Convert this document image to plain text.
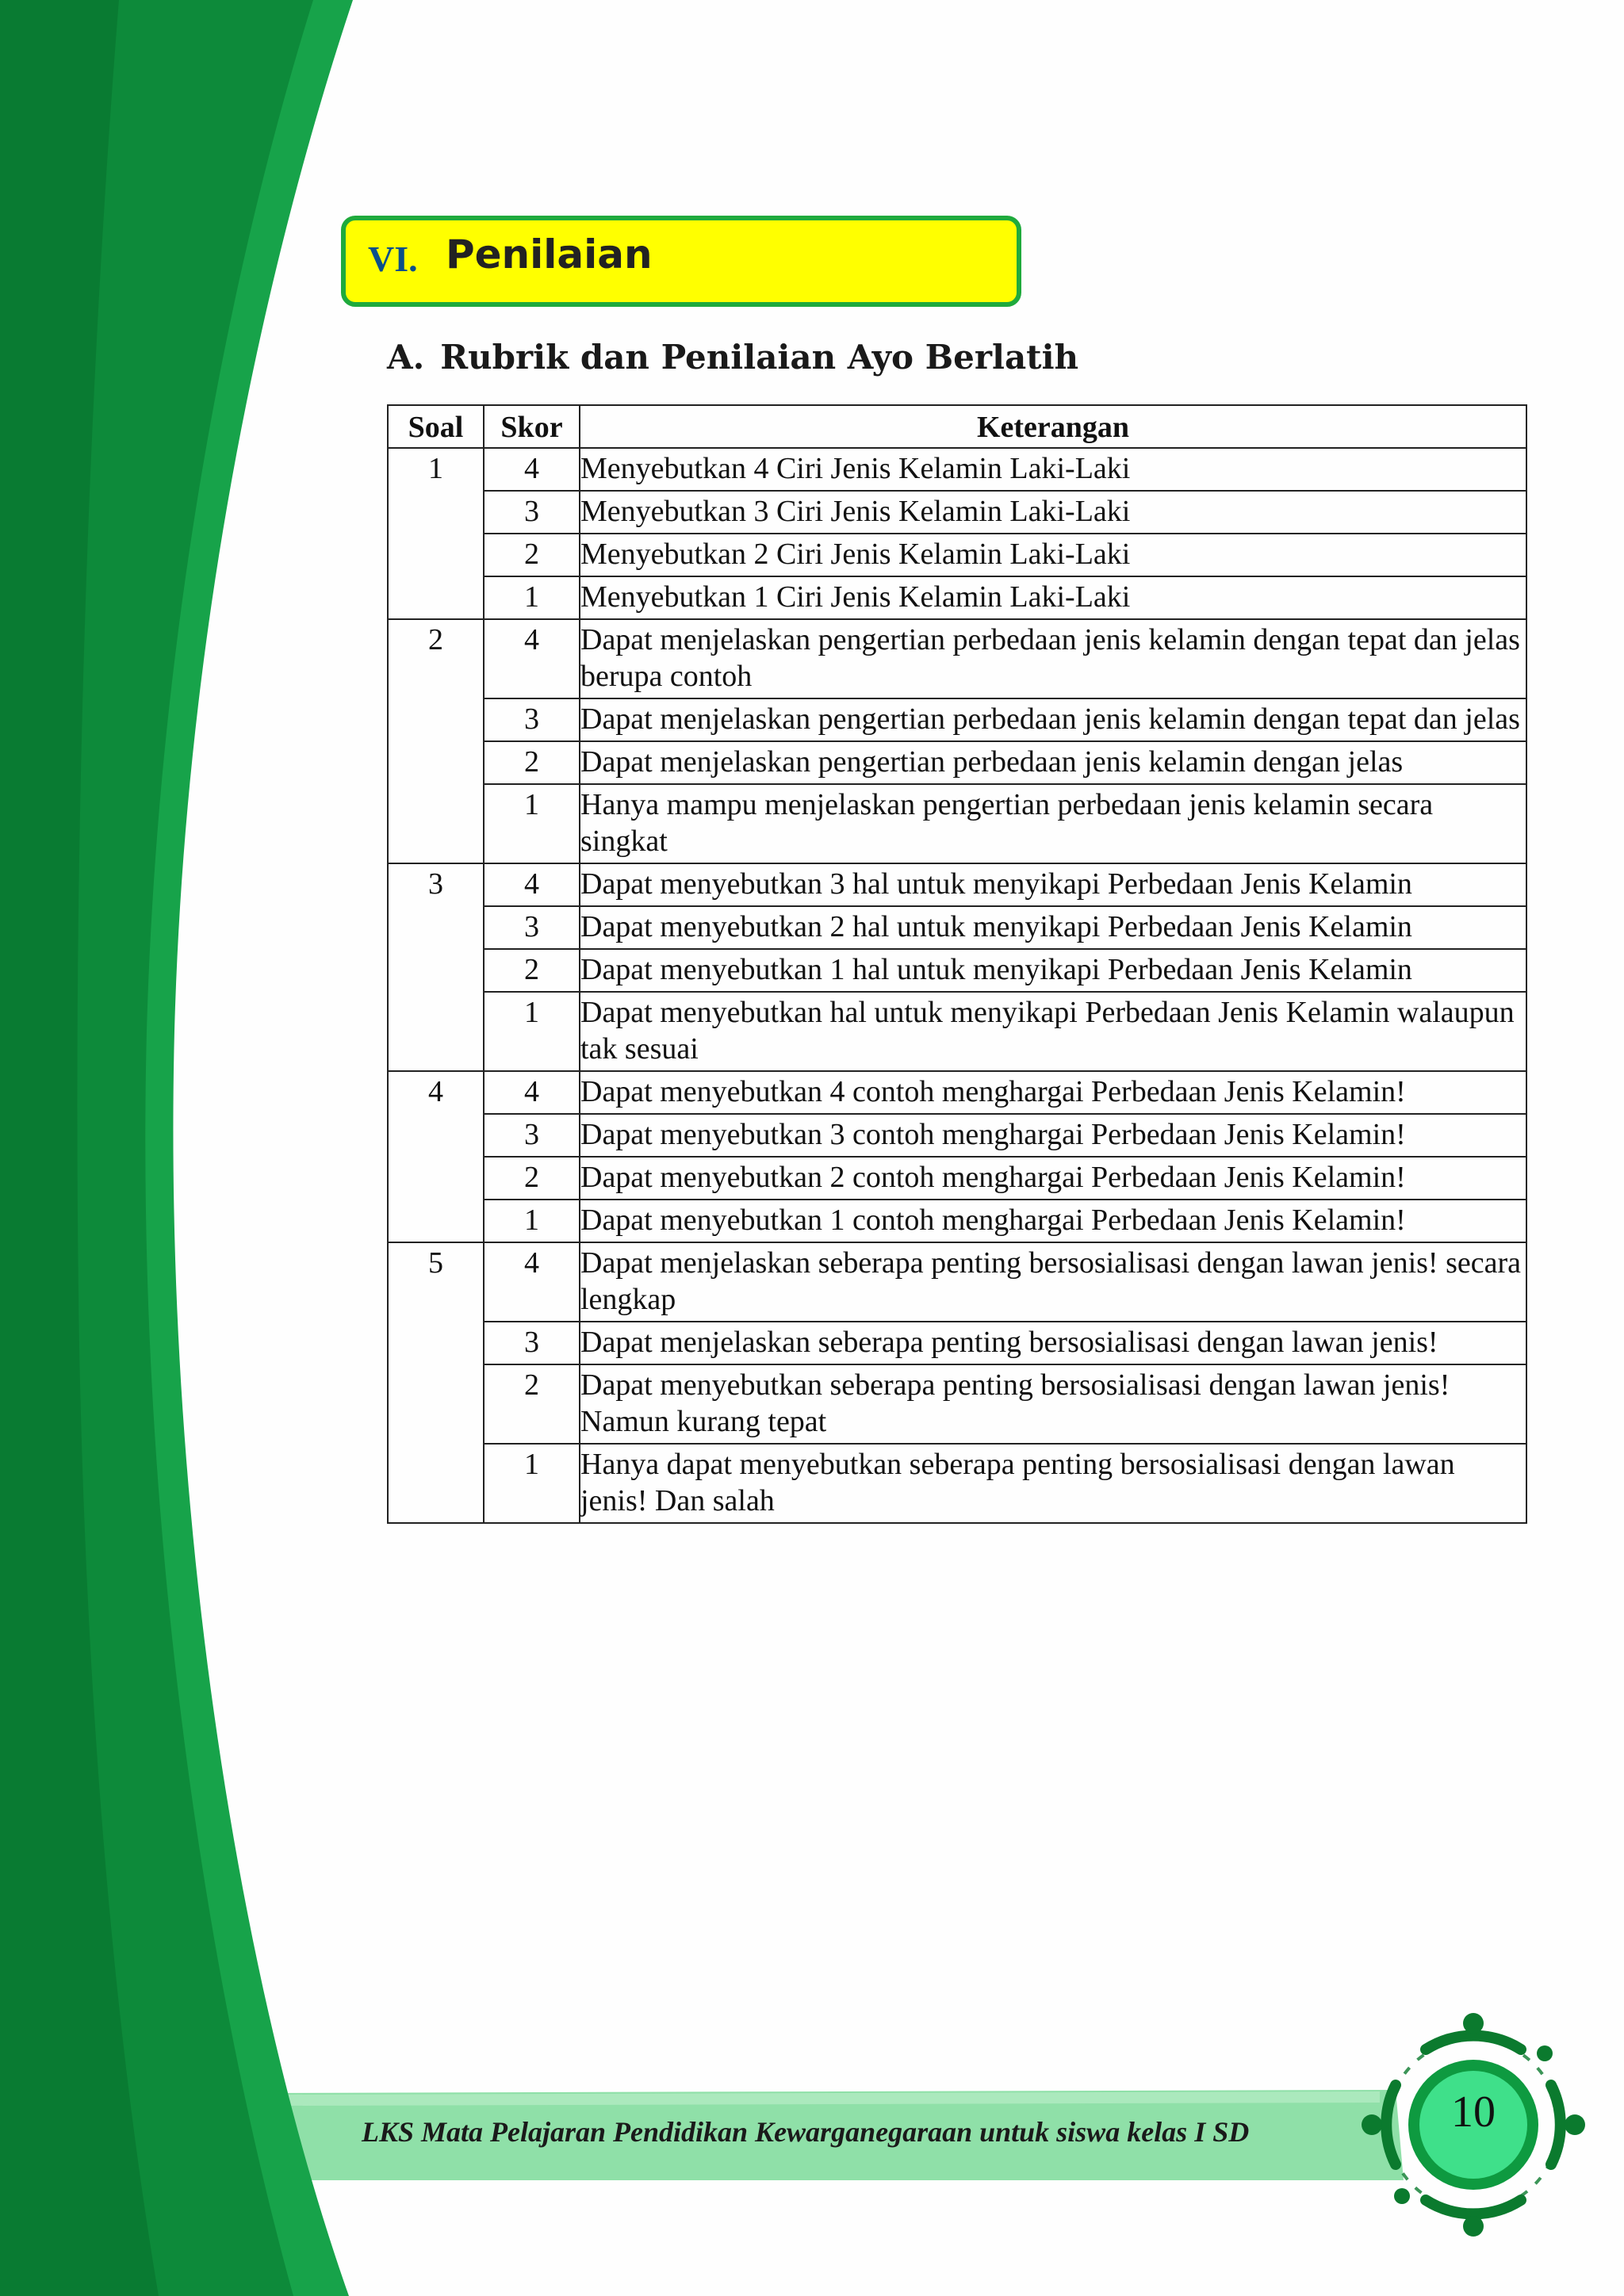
VI. Penilaian
A. Rubrik dan Penilaian Ayo Berlatih
Soal	Skor	Keterangan
1	4	Menyebutkan 4 Ciri Jenis Kelamin Laki-Laki
	3	Menyebutkan 3 Ciri Jenis Kelamin Laki-Laki
	2	Menyebutkan 2 Ciri Jenis Kelamin Laki-Laki
	1	Menyebutkan 1 Ciri Jenis Kelamin Laki-Laki
2	4	Dapat menjelaskan pengertian perbedaan jenis kelamin dengan tepat dan jelas berupa contoh
	3	Dapat menjelaskan pengertian perbedaan jenis kelamin dengan tepat dan jelas
	2	Dapat menjelaskan pengertian perbedaan jenis kelamin dengan jelas
	1	Hanya mampu menjelaskan pengertian perbedaan jenis kelamin secara singkat
3	4	Dapat menyebutkan 3 hal untuk menyikapi Perbedaan Jenis Kelamin
	3	Dapat menyebutkan 2 hal untuk menyikapi Perbedaan Jenis Kelamin
	2	Dapat menyebutkan 1 hal untuk menyikapi Perbedaan Jenis Kelamin
	1	Dapat menyebutkan hal untuk menyikapi Perbedaan Jenis Kelamin walaupun tak sesuai
4	4	Dapat menyebutkan 4 contoh menghargai Perbedaan Jenis Kelamin!
	3	Dapat menyebutkan 3 contoh menghargai Perbedaan Jenis Kelamin!
	2	Dapat menyebutkan 2 contoh menghargai Perbedaan Jenis Kelamin!
	1	Dapat menyebutkan 1 contoh menghargai Perbedaan Jenis Kelamin!
5	4	Dapat menjelaskan seberapa penting bersosialisasi dengan lawan jenis! secara lengkap
	3	Dapat menjelaskan seberapa penting bersosialisasi dengan lawan jenis!
	2	Dapat menyebutkan seberapa penting bersosialisasi dengan lawan jenis! Namun kurang tepat
	1	Hanya dapat menyebutkan seberapa penting bersosialisasi dengan lawan jenis! Dan salah
LKS Mata Pelajaran Pendidikan Kewarganegaraan untuk siswa kelas I SD	10
